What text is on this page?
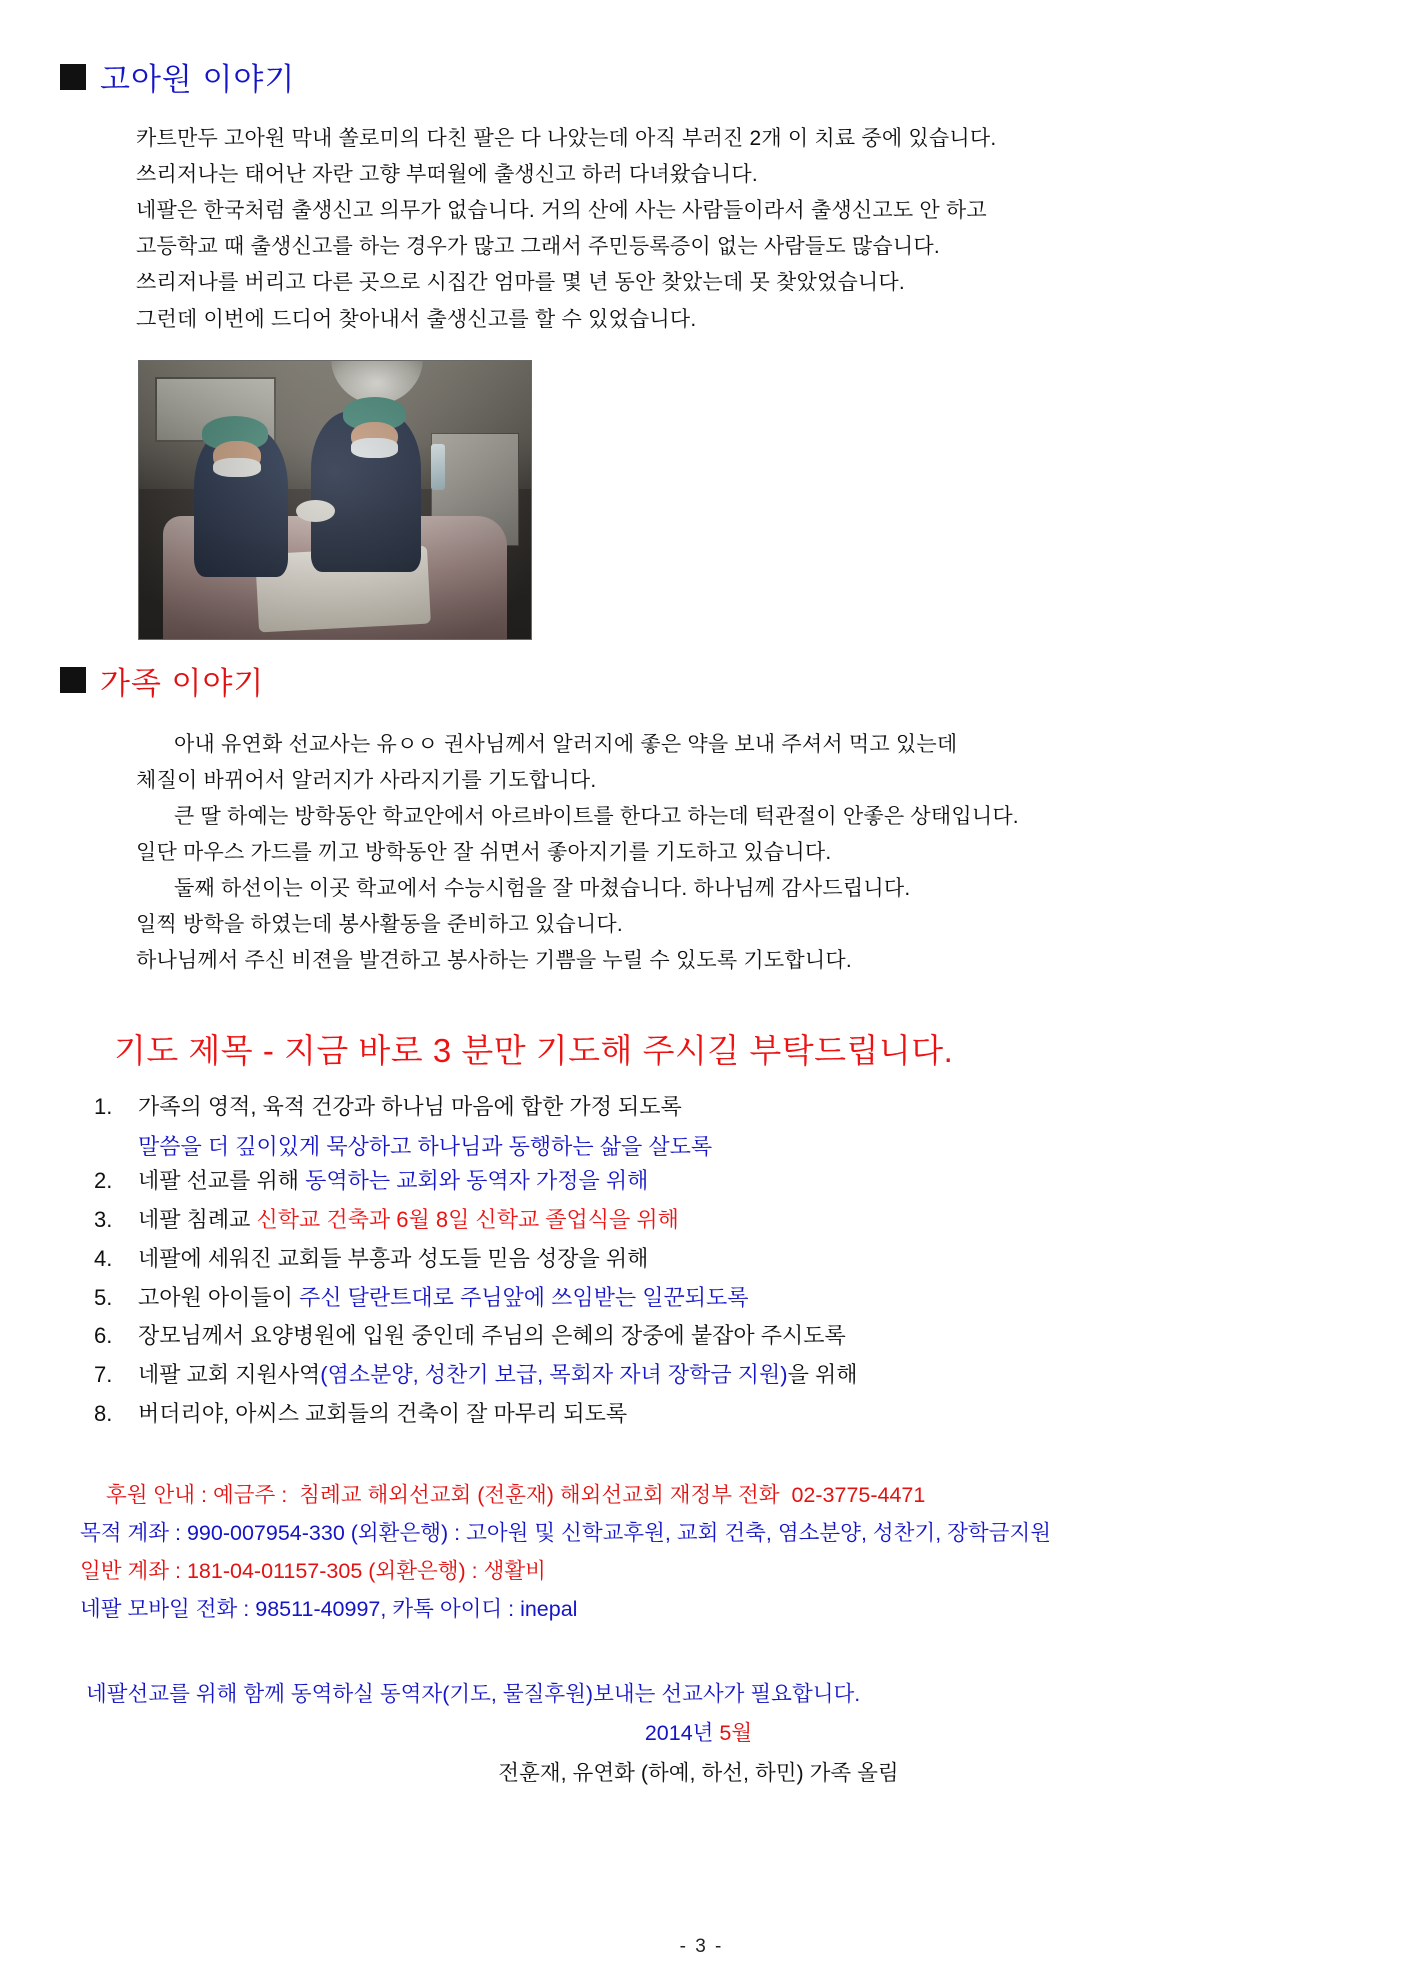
고아원 이야기

카트만두 고아원 막내 쏠로미의 다친 팔은 다 나았는데 아직 부러진 2개 이 치료 중에 있습니다.

쓰리저나는 태어난 자란 고향 부떠월에 출생신고 하러 다녀왔습니다.

네팔은 한국처럼 출생신고 의무가 없습니다. 거의 산에 사는 사람들이라서 출생신고도 안 하고

고등학교 때 출생신고를 하는 경우가 많고 그래서 주민등록증이 없는 사람들도 많습니다.

쓰리저나를 버리고 다른 곳으로 시집간 엄마를 몇 년 동안 찾았는데 못 찾았었습니다.

그런데 이번에 드디어 찾아내서 출생신고를 할 수 있었습니다.

가족 이야기

아내 유연화 선교사는 유ㅇㅇ 권사님께서 알러지에 좋은 약을 보내 주셔서 먹고 있는데

체질이 바뀌어서 알러지가 사라지기를 기도합니다.

큰 딸 하예는 방학동안 학교안에서 아르바이트를 한다고 하는데 턱관절이 안좋은 상태입니다.

일단 마우스 가드를 끼고 방학동안 잘 쉬면서 좋아지기를 기도하고 있습니다.

둘째 하선이는 이곳 학교에서 수능시험을 잘 마쳤습니다. 하나님께 감사드립니다.

일찍 방학을 하였는데 봉사활동을 준비하고 있습니다.

하나님께서 주신 비젼을 발견하고 봉사하는 기쁨을 누릴 수 있도록 기도합니다.

기도 제목 - 지금 바로 3 분만 기도해 주시길 부탁드립니다.
1.	가족의 영적, 육적 건강과 하나님 마음에 합한 가정 되도록
말씀을 더 깊이있게 묵상하고 하나님과 동행하는 삶을 살도록
2.	네팔 선교를 위해 동역하는 교회와 동역자 가정을 위해
3.	네팔 침례교 신학교 건축과 6월 8일 신학교 졸업식을 위해
4.	네팔에 세워진 교회들 부흥과 성도들 믿음 성장을 위해
5.	고아원 아이들이 주신 달란트대로 주님앞에 쓰임받는 일꾼되도록
6.	장모님께서 요양병원에 입원 중인데 주님의 은혜의 장중에 붙잡아 주시도록
7.	네팔 교회 지원사역(염소분양, 성찬기 보급, 목회자 자녀 장학금 지원)을 위해
8.	버더리야, 아씨스 교회들의 건축이 잘 마무리 되도록
후원 안내 : 예금주 :  침례교 해외선교회 (전훈재) 해외선교회 재정부 전화  02-3775-4471
목적 계좌 : 990-007954-330 (외환은행) : 고아원 및 신학교후원, 교회 건축, 염소분양, 성찬기, 장학금지원
일반 계좌 : 181-04-01157-305 (외환은행) : 생활비
네팔 모바일 전화 : 98511-40997, 카톡 아이디 : inepal
네팔선교를 위해 함께 동역하실 동역자(기도, 물질후원)보내는 선교사가 필요합니다.
2014년 5월
전훈재, 유연화 (하예, 하선, 하민) 가족 올림
- 3 -
